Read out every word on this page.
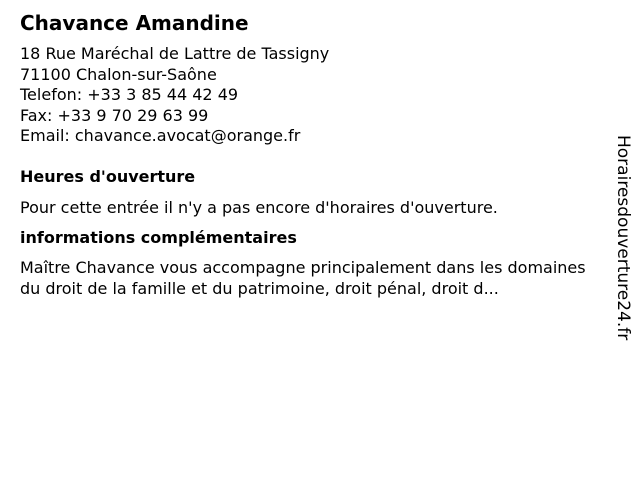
Chavance Amandine
18 Rue Maréchal de Lattre de Tassigny
71100 Chalon-sur-Saône
Telefon: +33 3 85 44 42 49
Fax: +33 9 70 29 63 99
Email: chavance.avocat@orange.fr
Heures d'ouverture
Pour cette entrée il n'y a pas encore d'horaires d'ouverture.
informations complémentaires
Maître Chavance vous accompagne principalement dans les domaines du droit de la famille et du patrimoine, droit pénal, droit d...	Horairesdouverture24.fr
